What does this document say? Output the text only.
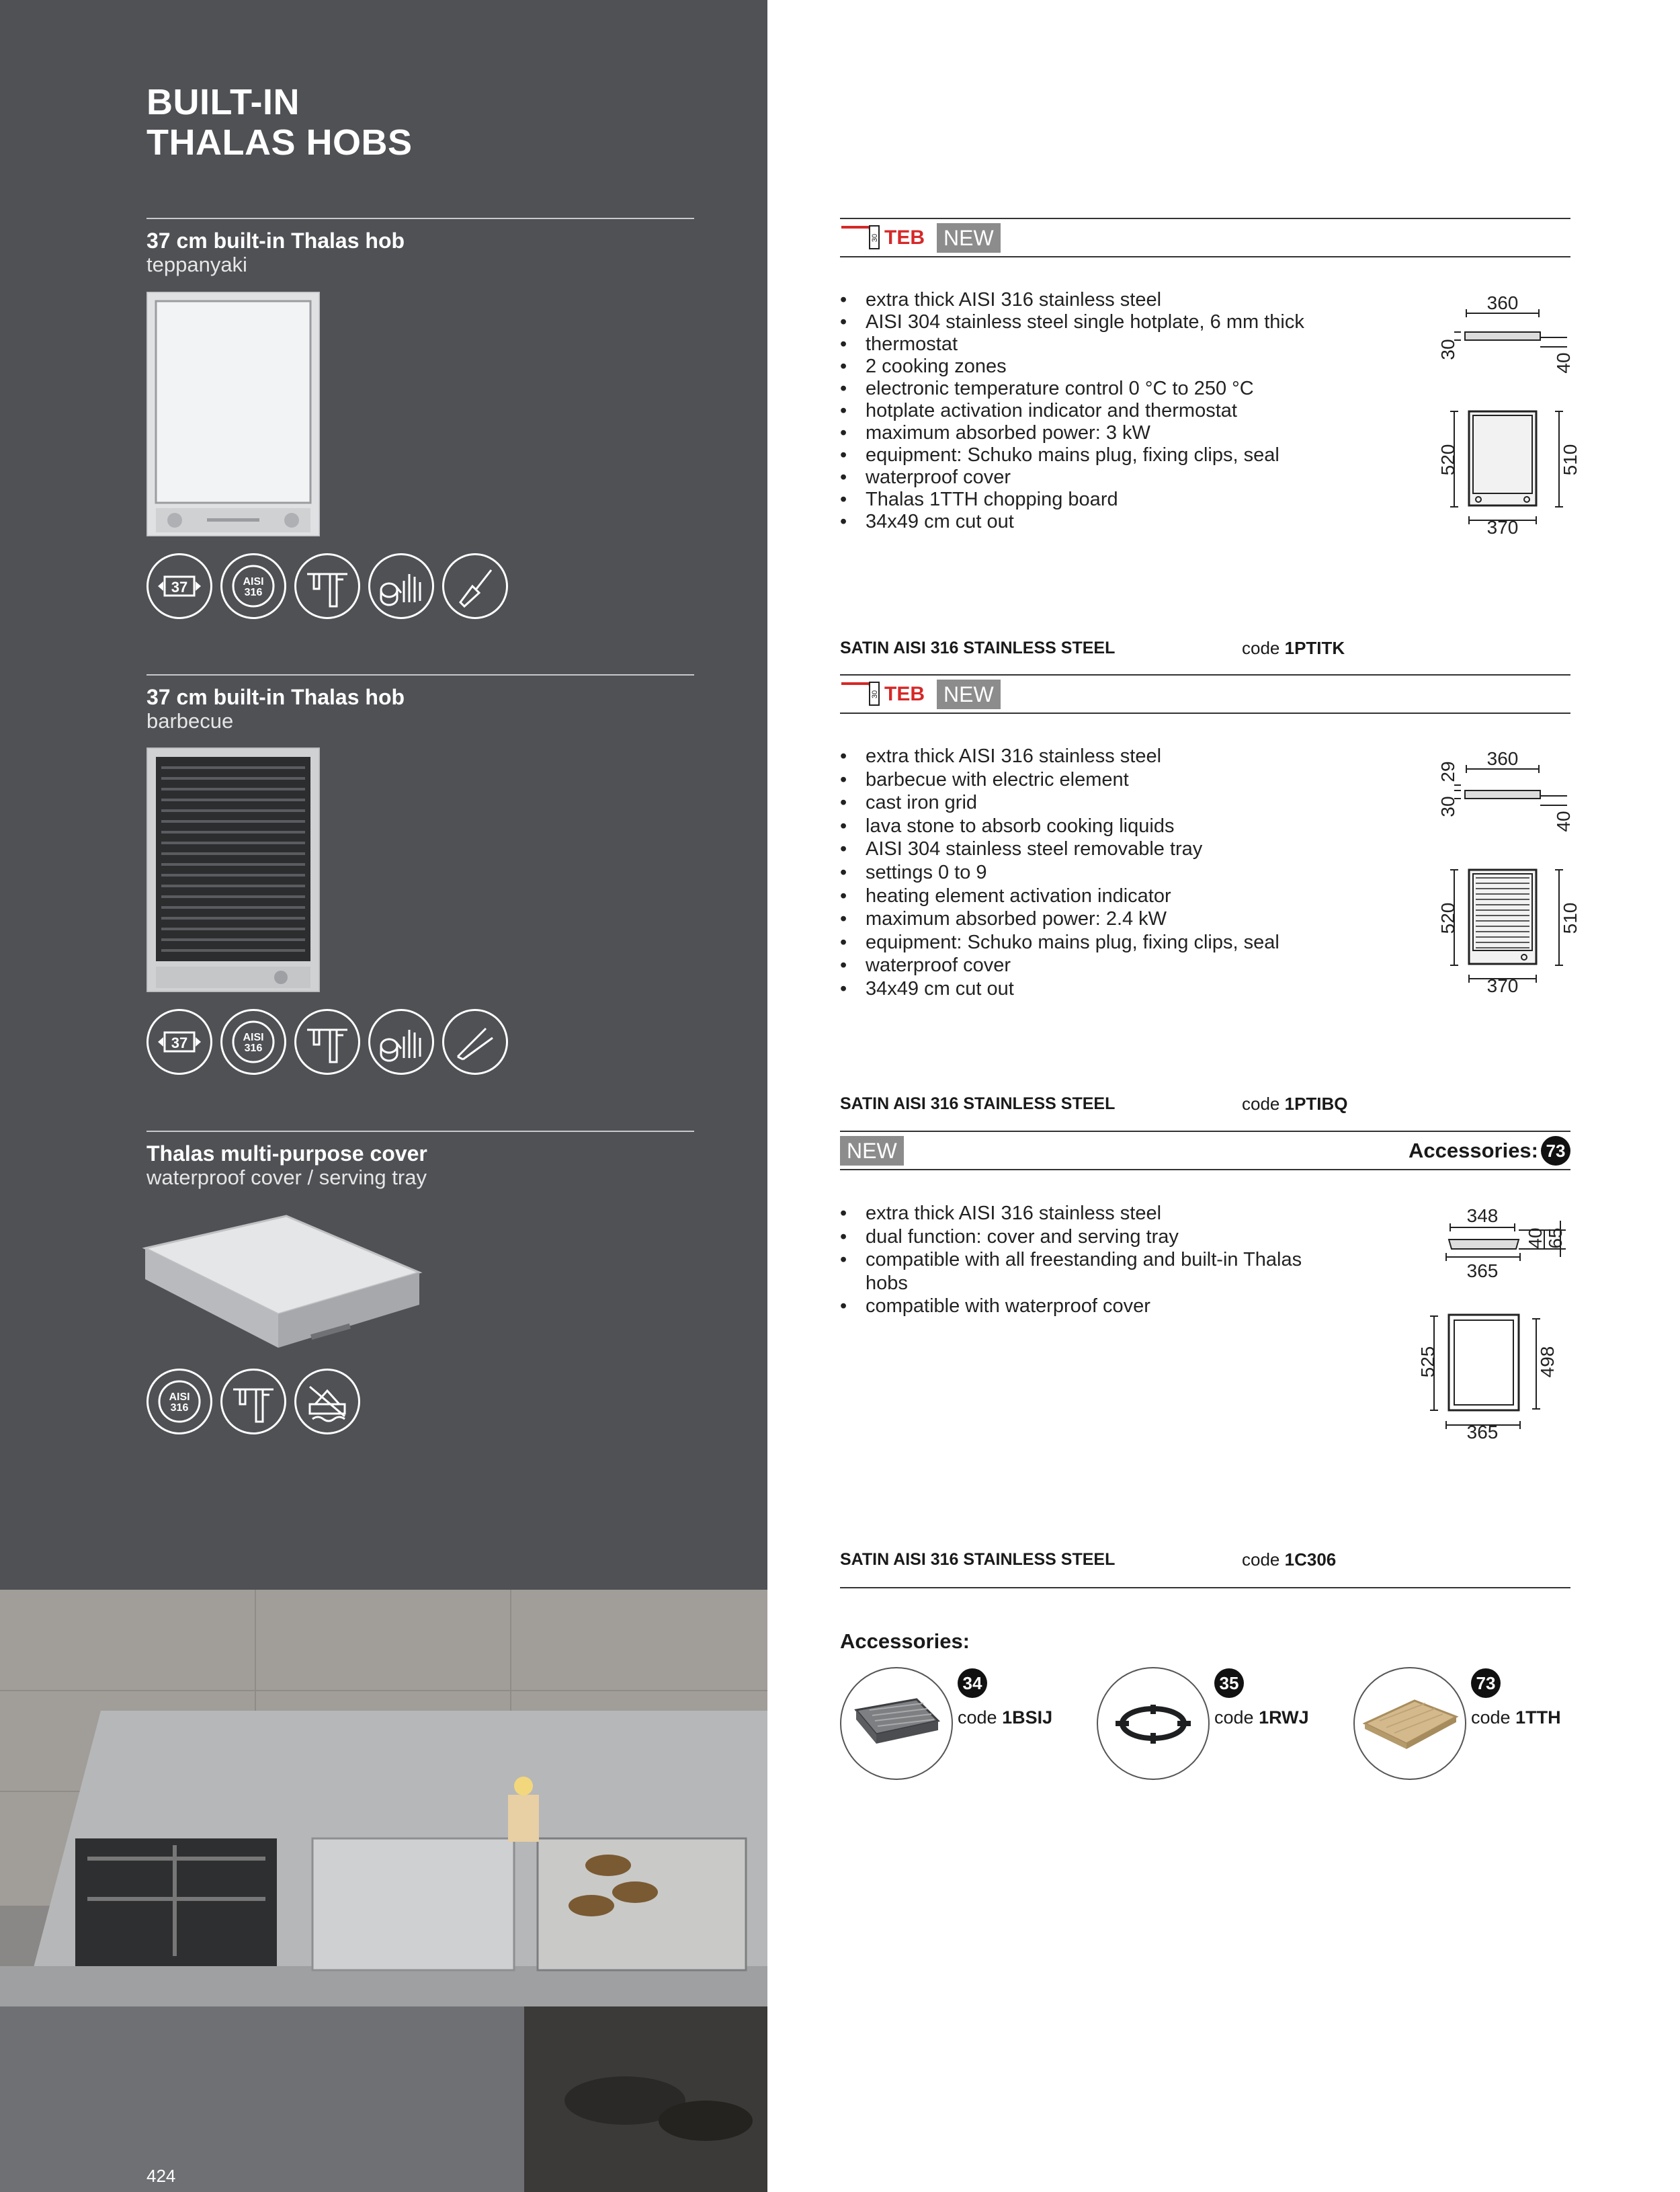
BUILT-IN
THALAS HOBS
37 cm built-in Thalas hob
teppanyaki
37	AISI
316
37 cm built-in Thalas hob
barbecue
37	AISI
316
Thalas multi-purpose cover
waterproof cover / serving tray
AISI
316
424
30 TEB NEW
• extra thick AISI 316 stainless steel
• AISI 304 stainless steel single hotplate, 6 mm thick
• thermostat
• 2 cooking zones
• electronic temperature control 0 °C to 250 °C
• hotplate activation indicator and thermostat
• maximum absorbed power: 3 kW
• equipment: Schuko mains plug, fixing clips, seal
• waterproof cover
• Thalas 1TTH chopping board
• 34x49 cm cut out
360
30
40
520	510
370
SATIN AISI 316 STAINLESS STEEL	code 1PTITK
30 TEB NEW
• extra thick AISI 316 stainless steel
• barbecue with electric element
• cast iron grid
• lava stone to absorb cooking liquids
• AISI 304 stainless steel removable tray
• settings 0 to 9
• heating element activation indicator
• maximum absorbed power: 2.4 kW
• equipment: Schuko mains plug, fixing clips, seal
• waterproof cover
• 34x49 cm cut out
360
29
30
40
520	510
370
SATIN AISI 316 STAINLESS STEEL	code 1PTIBQ
NEW	Accessories: 73
• extra thick AISI 316 stainless steel
• dual function: cover and serving tray
• compatible with all freestanding and built-in Thalas hobs
• compatible with waterproof cover
348
40 65
365
525	498
365
SATIN AISI 316 STAINLESS STEEL	code 1C306
Accessories:
34
code 1BSIJ
35
code 1RWJ
73
code 1TTH
